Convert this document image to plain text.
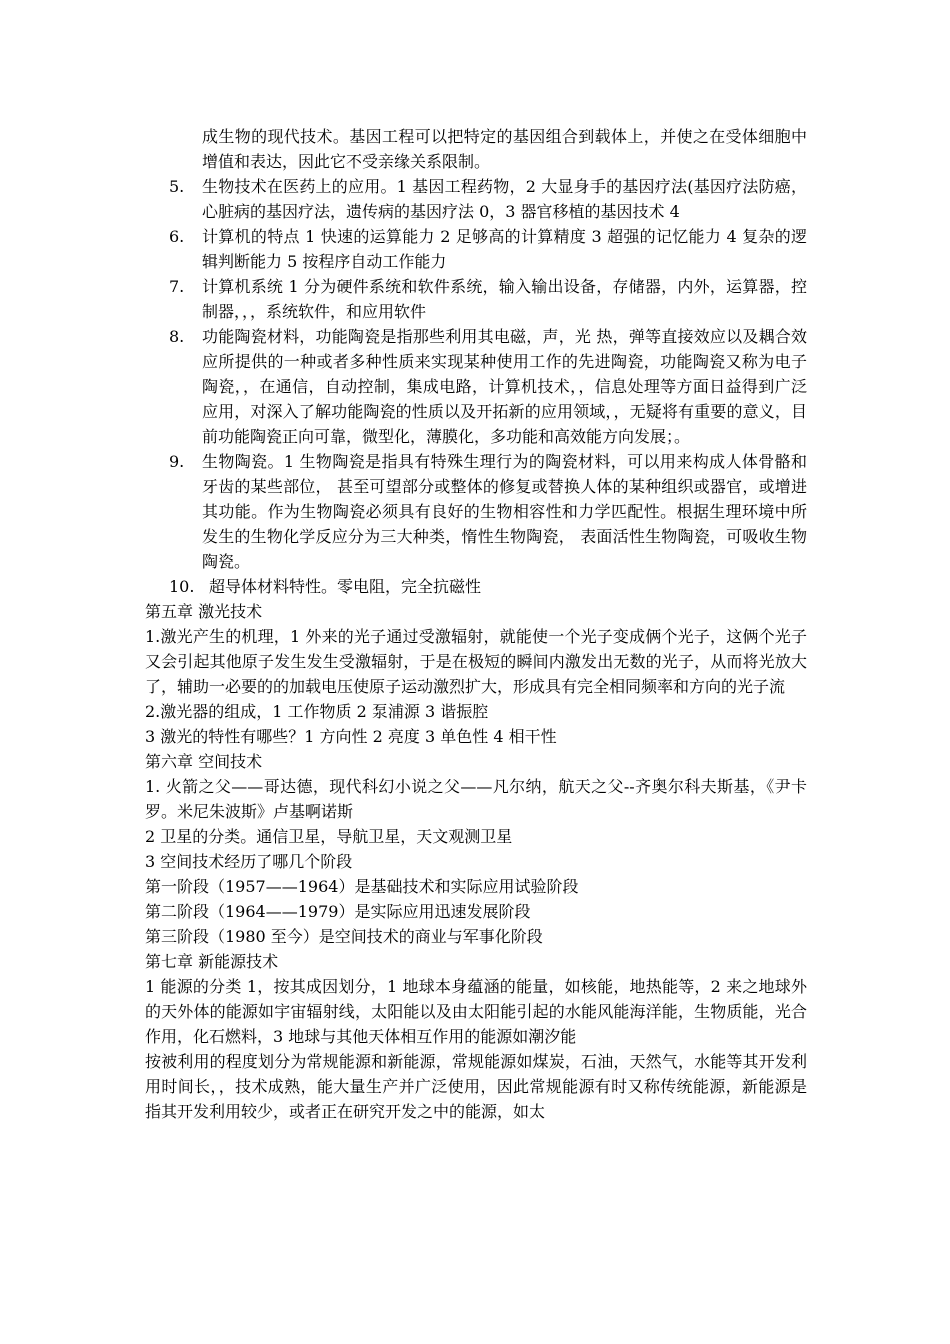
成生物的现代技术。基因工程可以把特定的基因组合到载体上，并使之在受体细胞中增值和表达，因此它不受亲缘关系限制。
5. 生物技术在医药上的应用。1 基因工程药物，2 大显身手的基因疗法(基因疗法防癌，心脏病的基因疗法，遗传病的基因疗法 0，3 器官移植的基因技术 4
6. 计算机的特点 1 快速的运算能力 2 足够高的计算精度 3 超强的记忆能力 4 复杂的逻辑判断能力 5 按程序自动工作能力
7. 计算机系统 1 分为硬件系统和软件系统，输入输出设备，存储器，内外，运算器，控制器，，，系统软件，和应用软件
8. 功能陶瓷材料，功能陶瓷是指那些利用其电磁，声，光 热，弹等直接效应以及耦合效应所提供的一种或者多种性质来实现某种使用工作的先进陶瓷，功能陶瓷又称为电子陶瓷，，在通信，自动控制，集成电路，计算机技术，，信息处理等方面日益得到广泛应用，对深入了解功能陶瓷的性质以及开拓新的应用领域，，无疑将有重要的意义，目前功能陶瓷正向可靠，微型化，薄膜化，多功能和高效能方向发展；。
9. 生物陶瓷。1 生物陶瓷是指具有特殊生理行为的陶瓷材料，可以用来构成人体骨骼和牙齿的某些部位， 甚至可望部分或整体的修复或替换人体的某种组织或器官，或增进其功能。作为生物陶瓷必须具有良好的生物相容性和力学匹配性。根据生理环境中所发生的生物化学反应分为三大种类，惰性生物陶瓷， 表面活性生物陶瓷，可吸收生物陶瓷。
10. 超导体材料特性。零电阻，完全抗磁性
第五章 激光技术
1.激光产生的机理，1 外来的光子通过受激辐射，就能使一个光子变成俩个光子，这俩个光子又会引起其他原子发生发生受激辐射，于是在极短的瞬间内激发出无数的光子，从而将光放大了，辅助一必要的的加载电压使原子运动激烈扩大，形成具有完全相同频率和方向的光子流
2.激光器的组成，1 工作物质 2 泵浦源 3 谐振腔
3 激光的特性有哪些？1 方向性 2 亮度 3 单色性 4 相干性
第六章 空间技术
1. 火箭之父——哥达德，现代科幻小说之父——凡尔纳，航天之父--齐奥尔科夫斯基，《尹卡罗。米尼朱波斯》卢基啊诺斯
2 卫星的分类。通信卫星，导航卫星，天文观测卫星
3 空间技术经历了哪几个阶段
第一阶段（1957——1964）是基础技术和实际应用试验阶段
第二阶段（1964——1979）是实际应用迅速发展阶段
第三阶段（1980 至今）是空间技术的商业与军事化阶段
第七章 新能源技术
1 能源的分类 1，按其成因划分，1 地球本身蕴涵的能量，如核能，地热能等，2 来之地球外的天外体的能源如宇宙辐射线，太阳能以及由太阳能引起的水能风能海洋能，生物质能，光合作用，化石燃料，3 地球与其他天体相互作用的能源如潮汐能
按被利用的程度划分为常规能源和新能源，常规能源如煤炭，石油，天然气，水能等其开发利用时间长，，技术成熟，能大量生产并广泛使用，因此常规能源有时又称传统能源，新能源是指其开发利用较少，或者正在研究开发之中的能源，如太
